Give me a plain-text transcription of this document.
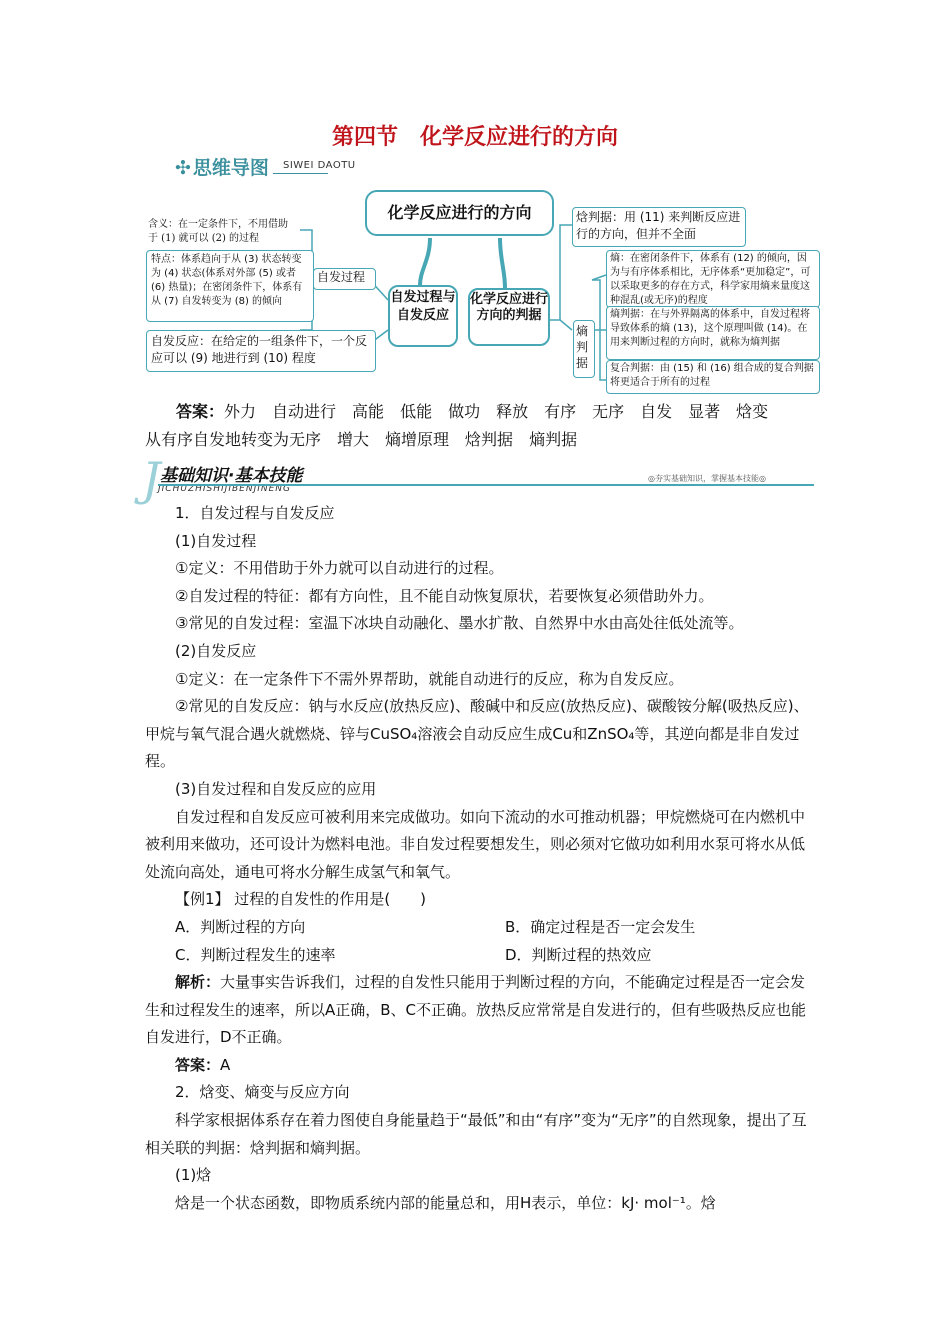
第四节　化学反应进行的方向
✣ 思维导图 SIWEI DAOTU
含义：在一定条件下，不用借助于 (1) 就可以 (2) 的过程
特点：体系趋向于从 (3) 状态转变为 (4) 状态(体系对外部 (5) 或者 (6) 热量)；在密闭条件下，体系有从 (7) 自发转变为 (8) 的倾向
自发过程
自发反应：在给定的一组条件下，一个反应可以 (9) 地进行到 (10) 程度
化学反应进行的方向
自发过程与自发反应
化学反应进行方向的判据
焓判据：用 (11) 来判断反应进行的方向，但并不全面
熵判据
熵：在密闭条件下，体系有 (12) 的倾向，因为与有序体系相比，无序体系“更加稳定”，可以采取更多的存在方式，科学家用熵来量度这种混乱(或无序)的程度
熵判据：在与外界隔离的体系中，自发过程将导致体系的熵 (13)，这个原理叫做 (14)。在用来判断过程的方向时，就称为熵判据
复合判据：由 (15) 和 (16) 组合成的复合判据将更适合于所有的过程
答案：外力 自动进行 高能 低能 做功 释放 有序 无序 自发 显著 焓变
从有序自发地转变为无序 增大 熵增原理 焓判据 熵判据
J 基础知识·基本技能
JICHUZHISHIJIBENJINENG
◎夯实基础知识，掌握基本技能◎

1．自发过程与自发反应

(1)自发过程

①定义：不用借助于外力就可以自动进行的过程。

②自发过程的特征：都有方向性，且不能自动恢复原状，若要恢复必须借助外力。

③常见的自发过程：室温下冰块自动融化、墨水扩散、自然界中水由高处往低处流等。

(2)自发反应

①定义：在一定条件下不需外界帮助，就能自动进行的反应，称为自发反应。

②常见的自发反应：钠与水反应(放热反应)、酸碱中和反应(放热反应)、碳酸铵分解(吸热反应)、甲烷与氧气混合遇火就燃烧、锌与CuSO₄溶液会自动反应生成Cu和ZnSO₄等，其逆向都是非自发过程。

(3)自发过程和自发反应的应用

自发过程和自发反应可被利用来完成做功。如向下流动的水可推动机器；甲烷燃烧可在内燃机中被利用来做功，还可设计为燃料电池。非自发过程要想发生，则必须对它做功如利用水泵可将水从低处流向高处，通电可将水分解生成氢气和氧气。

【例1】 过程的自发性的作用是(　　)

A．判断过程的方向	B．确定过程是否一定会发生
C．判断过程发生的速率	D．判断过程的热效应

解析：大量事实告诉我们，过程的自发性只能用于判断过程的方向，不能确定过程是否一定会发生和过程发生的速率，所以A正确，B、C不正确。放热反应常常是自发进行的，但有些吸热反应也能自发进行，D不正确。

答案：A

2．焓变、熵变与反应方向

科学家根据体系存在着力图使自身能量趋于“最低”和由“有序”变为“无序”的自然现象，提出了互相关联的判据：焓判据和熵判据。

(1)焓

焓是一个状态函数，即物质系统内部的能量总和，用H表示，单位：kJ· mol⁻¹。焓
